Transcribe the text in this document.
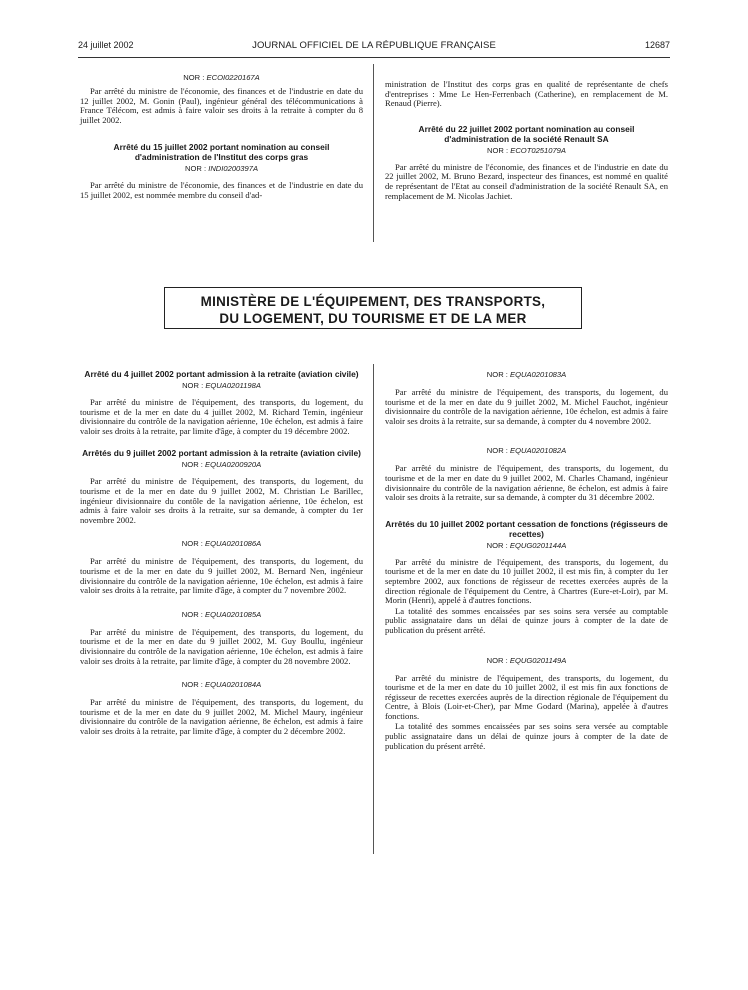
24 juillet 2002	JOURNAL OFFICIEL DE LA RÉPUBLIQUE FRANÇAISE	12687
NOR : ECOI0220167A
Par arrêté du ministre de l'économie, des finances et de l'industrie en date du 12 juillet 2002, M. Gonin (Paul), ingénieur général des télécommunications à France Télécom, est admis à faire valoir ses droits à la retraite à compter du 8 juillet 2002.
Arrêté du 15 juillet 2002 portant nomination au conseil d'administration de l'Institut des corps gras
NOR : INDI0200397A
Par arrêté du ministre de l'économie, des finances et de l'industrie en date du 15 juillet 2002, est nommée membre du conseil d'ad-
ministration de l'Institut des corps gras en qualité de représentante de chefs d'entreprises : Mme Le Hen-Ferrenbach (Catherine), en remplacement de M. Renaud (Pierre).
Arrêté du 22 juillet 2002 portant nomination au conseil d'administration de la société Renault SA
NOR : ECOT0251079A
Par arrêté du ministre de l'économie, des finances et de l'industrie en date du 22 juillet 2002, M. Bruno Bezard, inspecteur des finances, est nommé en qualité de représentant de l'Etat au conseil d'administration de la société Renault SA, en remplacement de M. Nicolas Jachiet.
MINISTÈRE DE L'ÉQUIPEMENT, DES TRANSPORTS,
DU LOGEMENT, DU TOURISME ET DE LA MER
Arrêté du 4 juillet 2002 portant admission à la retraite (aviation civile)
NOR : EQUA0201198A
Par arrêté du ministre de l'équipement, des transports, du logement, du tourisme et de la mer en date du 4 juillet 2002, M. Richard Temin, ingénieur divisionnaire du contrôle de la navigation aérienne, 10e échelon, est admis à faire valoir ses droits à la retraite, par limite d'âge, à compter du 19 décembre 2002.
Arrêtés du 9 juillet 2002 portant admission à la retraite (aviation civile)
NOR : EQUA0200920A
Par arrêté du ministre de l'équipement, des transports, du logement, du tourisme et de la mer en date du 9 juillet 2002, M. Christian Le Barillec, ingénieur divisionnaire du contôle de la navigation aérienne, 10e échelon, est admis à faire valoir ses droits à la retraite, sur sa demande, à compter du 1er novembre 2002.
NOR : EQUA0201086A
Par arrêté du ministre de l'équipement, des transports, du logement, du tourisme et de la mer en date du 9 juillet 2002, M. Bernard Nen, ingénieur divisionnaire du contrôle de la navigation aérienne, 10e échelon, est admis à faire valoir ses droits à la retraite, par limite d'âge, à compter du 7 novembre 2002.
NOR : EQUA0201085A
Par arrêté du ministre de l'équipement, des transports, du logement, du tourisme et de la mer en date du 9 juillet 2002, M. Guy Boullu, ingénieur divisionnaire du contrôle de la navigation aérienne, 10e échelon, est admis à faire valoir ses droits à la retraite, par limite d'âge, à compter du 28 novembre 2002.
NOR : EQUA0201084A
Par arrêté du ministre de l'équipement, des transports, du logement, du tourisme et de la mer en date du 9 juillet 2002, M. Michel Maury, ingénieur divisionnaire du contrôle de la navigation aérienne, 8e échelon, est admis à faire valoir ses droits à la retraite, par limite d'âge, à compter du 2 décembre 2002.
NOR : EQUA0201083A
Par arrêté du ministre de l'équipement, des transports, du logement, du tourisme et de la mer en date du 9 juillet 2002, M. Michel Fauchot, ingénieur divisionnaire du contrôle de la navigation aérienne, 10e échelon, est admis à faire valoir ses droits à la retraite, sur sa demande, à compter du 4 novembre 2002.
NOR : EQUA0201082A
Par arrêté du ministre de l'équipement, des transports, du logement, du tourisme et de la mer en date du 9 juillet 2002, M. Charles Chamand, ingénieur divisionnaire du contrôle de la navigation aérienne, 8e échelon, est admis à faire valoir ses droits à la retraite, sur sa demande, à compter du 31 décembre 2002.
Arrêtés du 10 juillet 2002 portant cessation de fonctions (régisseurs de recettes)
NOR : EQUG0201144A
Par arrêté du ministre de l'équipement, des transports, du logement, du tourisme et de la mer en date du 10 juillet 2002, il est mis fin, à compter du 1er septembre 2002, aux fonctions de régisseur de recettes exercées auprès de la direction régionale de l'équipement du Centre, à Chartres (Eure-et-Loir), par M. Morin (Henri), appelé à d'autres fonctions.
La totalité des sommes encaissées par ses soins sera versée au comptable public assignataire dans un délai de quinze jours à compter de la date de publication du présent arrêté.
NOR : EQUG0201149A
Par arrêté du ministre de l'équipement, des transports, du logement, du tourisme et de la mer en date du 10 juillet 2002, il est mis fin aux fonctions de régisseur de recettes exercées auprès de la direction régionale de l'équipement du Centre, à Blois (Loir-et-Cher), par Mme Godard (Marina), appelée à d'autres fonctions.
La totalité des sommes encaissées par ses soins sera versée au comptable public assignataire dans un délai de quinze jours à compter de la date de publication du présent arrêté.
